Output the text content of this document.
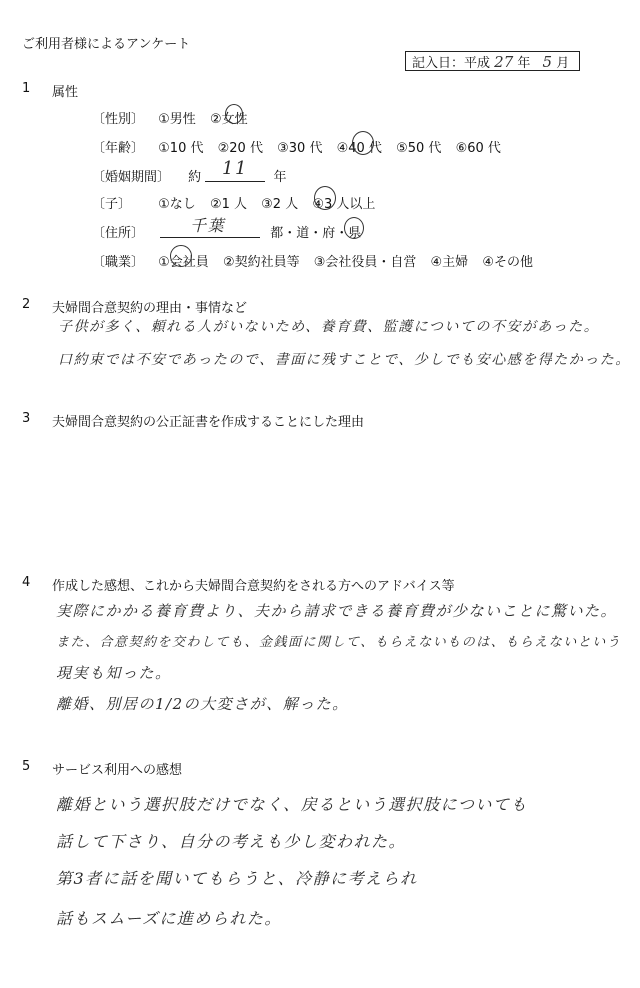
ご利用者様によるアンケート
記入日：平成 27 年 5 月
1 属性
〔性別〕 ①男性 ②女性
〔年齢〕 ①10 代 ②20 代 ③30 代 ④40 代 ⑤50 代 ⑥60 代
〔婚姻期間〕 約	年
11
〔子〕 ①なし ②1 人 ③2 人 ④3 人以上
〔住所〕	都・道・府・県
千葉
〔職業〕 ①会社員 ②契約社員等 ③会社役員・自営 ④主婦 ④その他
2 夫婦間合意契約の理由・事情など
子供が多く、頼れる人がいないため、養育費、監護についての不安があった。
口約束では不安であったので、書面に残すことで、少しでも安心感を得たかった。
3 夫婦間合意契約の公正証書を作成することにした理由
4 作成した感想、これから夫婦間合意契約をされる方へのアドバイス等
実際にかかる養育費より、夫から請求できる養育費が少ないことに驚いた。
また、合意契約を交わしても、金銭面に関して、もらえないものは、もらえないという
現実も知った。
離婚、別居の1/2の大変さが、解った。
5 サービス利用への感想
離婚という選択肢だけでなく、戻るという選択肢についても
話して下さり、自分の考えも少し変われた。
第3者に話を聞いてもらうと、冷静に考えられ
話もスムーズに進められた。
